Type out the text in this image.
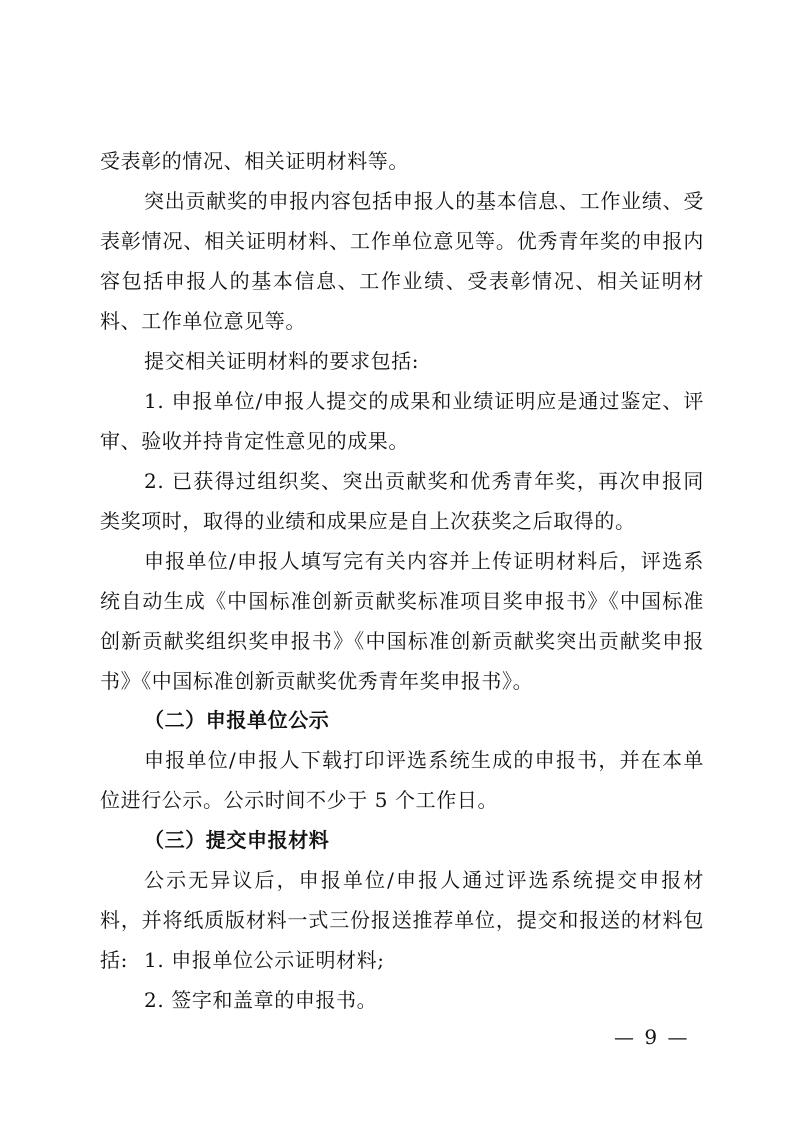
受表彰的情况、相关证明材料等。

突出贡献奖的申报内容包括申报人的基本信息、工作业绩、受表彰情况、相关证明材料、工作单位意见等。优秀青年奖的申报内容包括申报人的基本信息、工作业绩、受表彰情况、相关证明材料、工作单位意见等。

提交相关证明材料的要求包括:

1. 申报单位/申报人提交的成果和业绩证明应是通过鉴定、评审、验收并持肯定性意见的成果。

2. 已获得过组织奖、突出贡献奖和优秀青年奖，再次申报同类奖项时，取得的业绩和成果应是自上次获奖之后取得的。

申报单位/申报人填写完有关内容并上传证明材料后，评选系统自动生成《中国标准创新贡献奖标准项目奖申报书》《中国标准创新贡献奖组织奖申报书》《中国标准创新贡献奖突出贡献奖申报书》《中国标准创新贡献奖优秀青年奖申报书》。

（二）申报单位公示

申报单位/申报人下载打印评选系统生成的申报书，并在本单位进行公示。公示时间不少于 5 个工作日。

（三）提交申报材料

公示无异议后，申报单位/申报人通过评选系统提交申报材料，并将纸质版材料一式三份报送推荐单位，提交和报送的材料包括: 1. 申报单位公示证明材料;

2. 签字和盖章的申报书。

— 9 —
